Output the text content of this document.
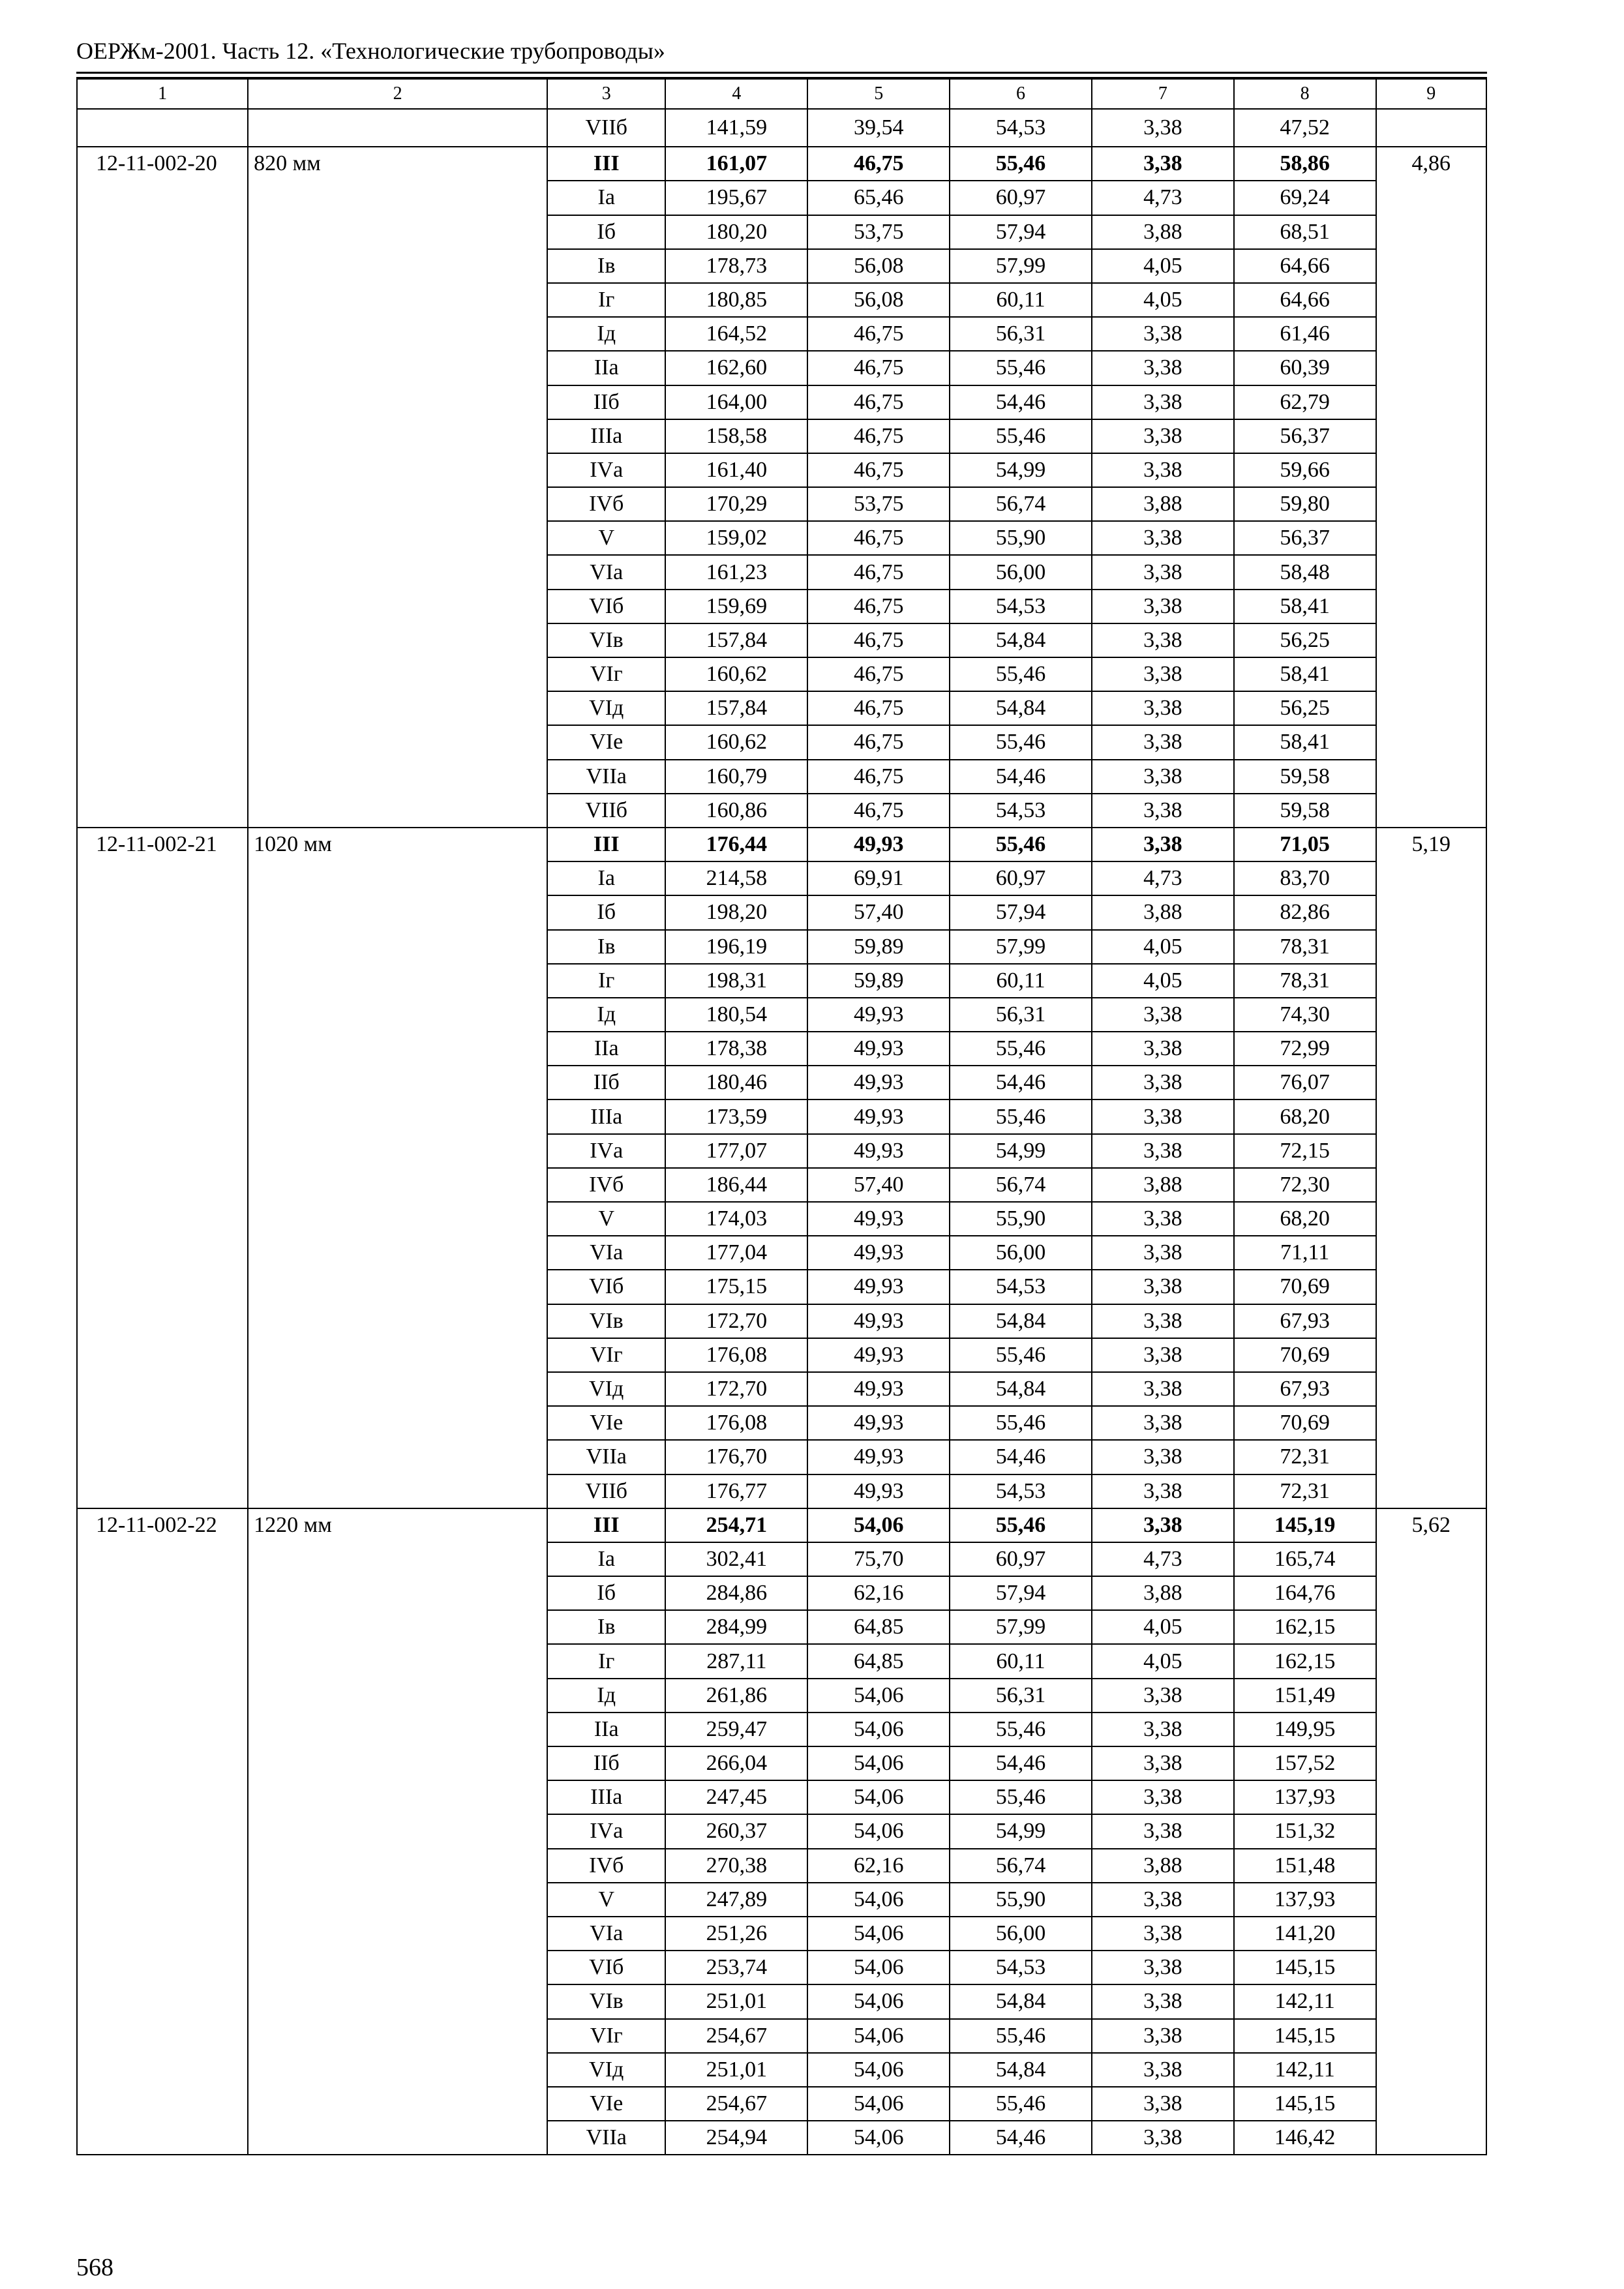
ОЕРЖм-2001. Часть 12. «Технологические трубопроводы»
1	2	3	4	5	6	7	8	9
		VIIб	141,59	39,54	54,53	3,38	47,52	
12-11-002-20	820 мм	III	161,07	46,75	55,46	3,38	58,86	4,86
		Iа	195,67	65,46	60,97	4,73	69,24	
		Iб	180,20	53,75	57,94	3,88	68,51	
		Iв	178,73	56,08	57,99	4,05	64,66	
		Iг	180,85	56,08	60,11	4,05	64,66	
		Iд	164,52	46,75	56,31	3,38	61,46	
		IIа	162,60	46,75	55,46	3,38	60,39	
		IIб	164,00	46,75	54,46	3,38	62,79	
		IIIа	158,58	46,75	55,46	3,38	56,37	
		IVа	161,40	46,75	54,99	3,38	59,66	
		IVб	170,29	53,75	56,74	3,88	59,80	
		V	159,02	46,75	55,90	3,38	56,37	
		VIа	161,23	46,75	56,00	3,38	58,48	
		VIб	159,69	46,75	54,53	3,38	58,41	
		VIв	157,84	46,75	54,84	3,38	56,25	
		VIг	160,62	46,75	55,46	3,38	58,41	
		VIд	157,84	46,75	54,84	3,38	56,25	
		VIе	160,62	46,75	55,46	3,38	58,41	
		VIIа	160,79	46,75	54,46	3,38	59,58	
		VIIб	160,86	46,75	54,53	3,38	59,58	
12-11-002-21	1020 мм	III	176,44	49,93	55,46	3,38	71,05	5,19
		Iа	214,58	69,91	60,97	4,73	83,70	
		Iб	198,20	57,40	57,94	3,88	82,86	
		Iв	196,19	59,89	57,99	4,05	78,31	
		Iг	198,31	59,89	60,11	4,05	78,31	
		Iд	180,54	49,93	56,31	3,38	74,30	
		IIа	178,38	49,93	55,46	3,38	72,99	
		IIб	180,46	49,93	54,46	3,38	76,07	
		IIIа	173,59	49,93	55,46	3,38	68,20	
		IVа	177,07	49,93	54,99	3,38	72,15	
		IVб	186,44	57,40	56,74	3,88	72,30	
		V	174,03	49,93	55,90	3,38	68,20	
		VIа	177,04	49,93	56,00	3,38	71,11	
		VIб	175,15	49,93	54,53	3,38	70,69	
		VIв	172,70	49,93	54,84	3,38	67,93	
		VIг	176,08	49,93	55,46	3,38	70,69	
		VIд	172,70	49,93	54,84	3,38	67,93	
		VIе	176,08	49,93	55,46	3,38	70,69	
		VIIа	176,70	49,93	54,46	3,38	72,31	
		VIIб	176,77	49,93	54,53	3,38	72,31	
12-11-002-22	1220 мм	III	254,71	54,06	55,46	3,38	145,19	5,62
		Iа	302,41	75,70	60,97	4,73	165,74	
		Iб	284,86	62,16	57,94	3,88	164,76	
		Iв	284,99	64,85	57,99	4,05	162,15	
		Iг	287,11	64,85	60,11	4,05	162,15	
		Iд	261,86	54,06	56,31	3,38	151,49	
		IIа	259,47	54,06	55,46	3,38	149,95	
		IIб	266,04	54,06	54,46	3,38	157,52	
		IIIа	247,45	54,06	55,46	3,38	137,93	
		IVа	260,37	54,06	54,99	3,38	151,32	
		IVб	270,38	62,16	56,74	3,88	151,48	
		V	247,89	54,06	55,90	3,38	137,93	
		VIа	251,26	54,06	56,00	3,38	141,20	
		VIб	253,74	54,06	54,53	3,38	145,15	
		VIв	251,01	54,06	54,84	3,38	142,11	
		VIг	254,67	54,06	55,46	3,38	145,15	
		VIд	251,01	54,06	54,84	3,38	142,11	
		VIе	254,67	54,06	55,46	3,38	145,15	
		VIIа	254,94	54,06	54,46	3,38	146,42	
568
